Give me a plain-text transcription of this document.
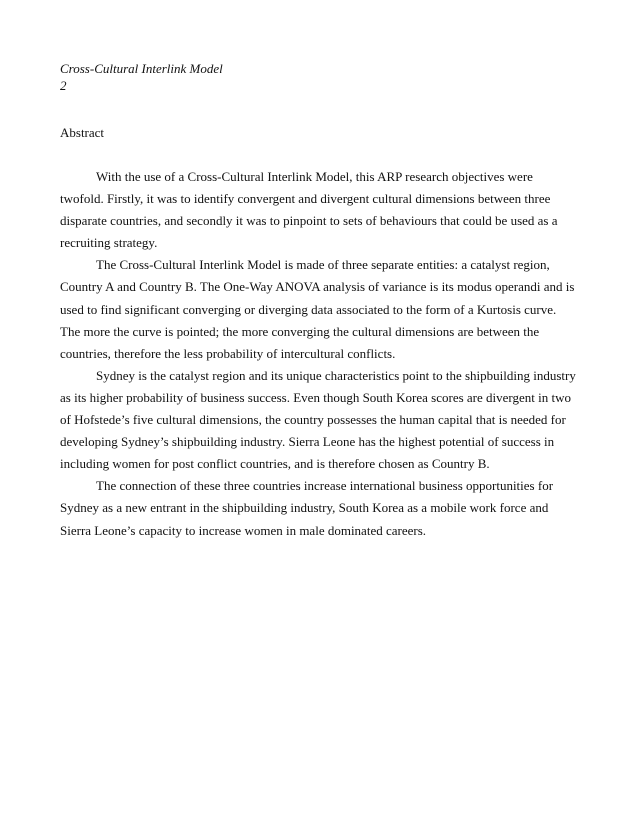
Cross-Cultural Interlink Model
2
Abstract

With the use of a Cross-Cultural Interlink Model, this ARP research objectives were twofold. Firstly, it was to identify convergent and divergent cultural dimensions between three disparate countries, and secondly it was to pinpoint to sets of behaviours that could be used as a recruiting strategy.

The Cross-Cultural Interlink Model is made of three separate entities: a catalyst region, Country A and Country B. The One-Way ANOVA analysis of variance is its modus operandi and is used to find significant converging or diverging data associated to the form of a Kurtosis curve. The more the curve is pointed; the more converging the cultural dimensions are between the countries, therefore the less probability of intercultural conflicts.

Sydney is the catalyst region and its unique characteristics point to the shipbuilding industry as its higher probability of business success. Even though South Korea scores are divergent in two of Hofstede’s five cultural dimensions, the country possesses the human capital that is needed for developing Sydney’s shipbuilding industry. Sierra Leone has the highest potential of success in including women for post conflict countries, and is therefore chosen as Country B.

The connection of these three countries increase international business opportunities for Sydney as a new entrant in the shipbuilding industry, South Korea as a mobile work force and Sierra Leone’s capacity to increase women in male dominated careers.
